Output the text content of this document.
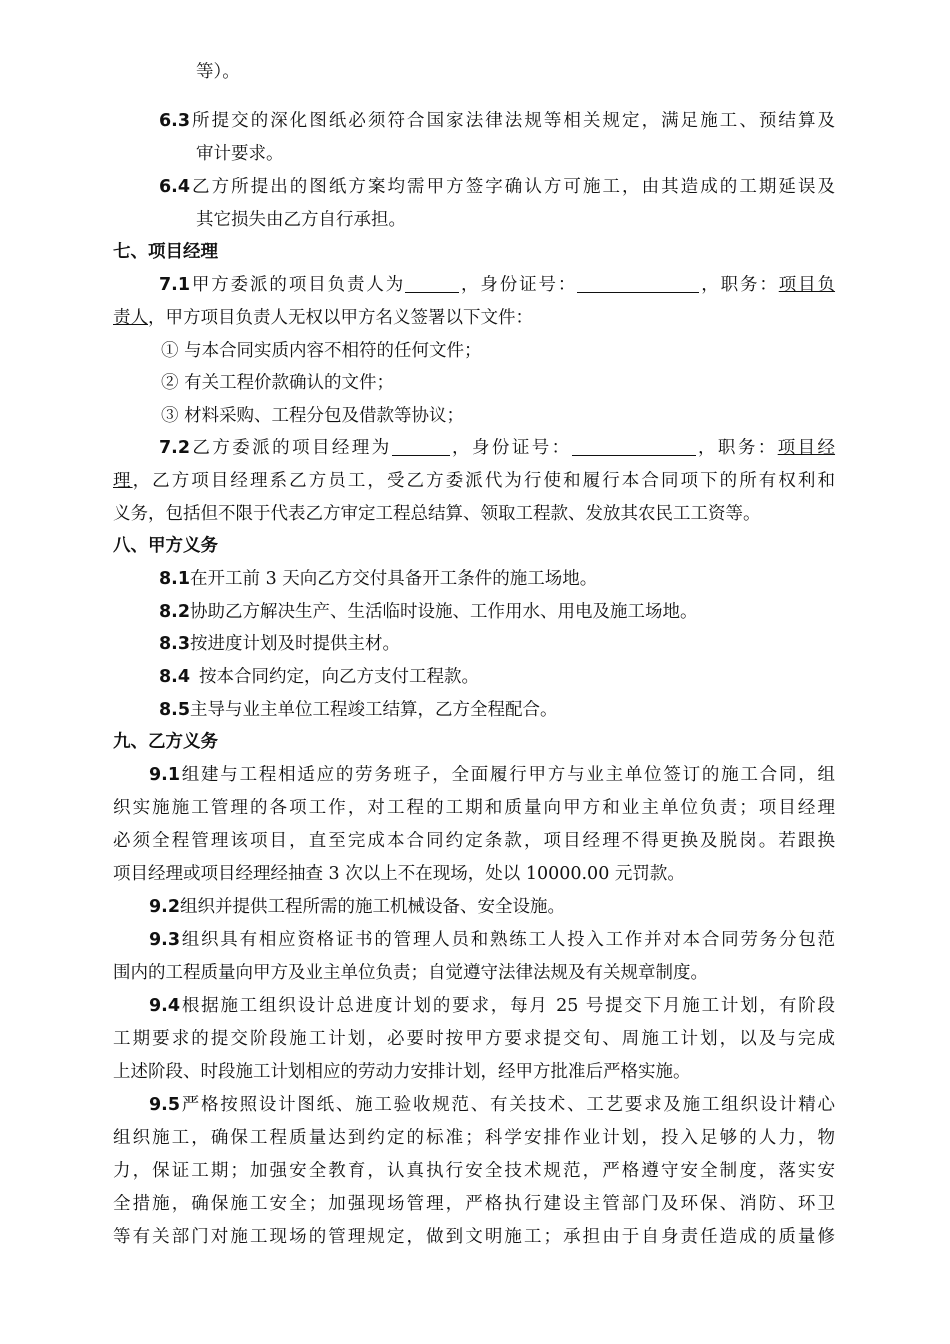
等）。
6.3所提交的深化图纸必须符合国家法律法规等相关规定，满足施工、预结算及
审计要求。
6.4乙方所提出的图纸方案均需甲方签字确认方可施工，由其造成的工期延误及
其它损失由乙方自行承担。
七、项目经理
7.1甲方委派的项目负责人为	，身份证号：	，职务：项目负
责人，甲方项目负责人无权以甲方名义签署以下文件：
① 与本合同实质内容不相符的任何文件；
② 有关工程价款确认的文件；
③ 材料采购、工程分包及借款等协议；
7.2乙方委派的项目经理为	，身份证号：	，职务：项目经
理，乙方项目经理系乙方员工，受乙方委派代为行使和履行本合同项下的所有权利和
义务，包括但不限于代表乙方审定工程总结算、领取工程款、发放其农民工工资等。
八、甲方义务
8.1在开工前 3 天向乙方交付具备开工条件的施工场地。
8.2协助乙方解决生产、生活临时设施、工作用水、用电及施工场地。
8.3按进度计划及时提供主材。
8.4 按本合同约定，向乙方支付工程款。
8.5主导与业主单位工程竣工结算，乙方全程配合。
九、乙方义务
9.1组建与工程相适应的劳务班子，全面履行甲方与业主单位签订的施工合同，组
织实施施工管理的各项工作，对工程的工期和质量向甲方和业主单位负责；项目经理
必须全程管理该项目，直至完成本合同约定条款，项目经理不得更换及脱岗。若跟换
项目经理或项目经理经抽查 3 次以上不在现场，处以 10000.00 元罚款。
9.2组织并提供工程所需的施工机械设备、安全设施。
9.3组织具有相应资格证书的管理人员和熟练工人投入工作并对本合同劳务分包范
围内的工程质量向甲方及业主单位负责；自觉遵守法律法规及有关规章制度。
9.4根据施工组织设计总进度计划的要求，每月 25 号提交下月施工计划，有阶段
工期要求的提交阶段施工计划，必要时按甲方要求提交旬、周施工计划，以及与完成
上述阶段、时段施工计划相应的劳动力安排计划，经甲方批准后严格实施。
9.5严格按照设计图纸、施工验收规范、有关技术、工艺要求及施工组织设计精心
组织施工，确保工程质量达到约定的标准；科学安排作业计划，投入足够的人力，物
力，保证工期；加强安全教育，认真执行安全技术规范，严格遵守安全制度，落实安
全措施，确保施工安全；加强现场管理，严格执行建设主管部门及环保、消防、环卫
等有关部门对施工现场的管理规定，做到文明施工；承担由于自身责任造成的质量修
